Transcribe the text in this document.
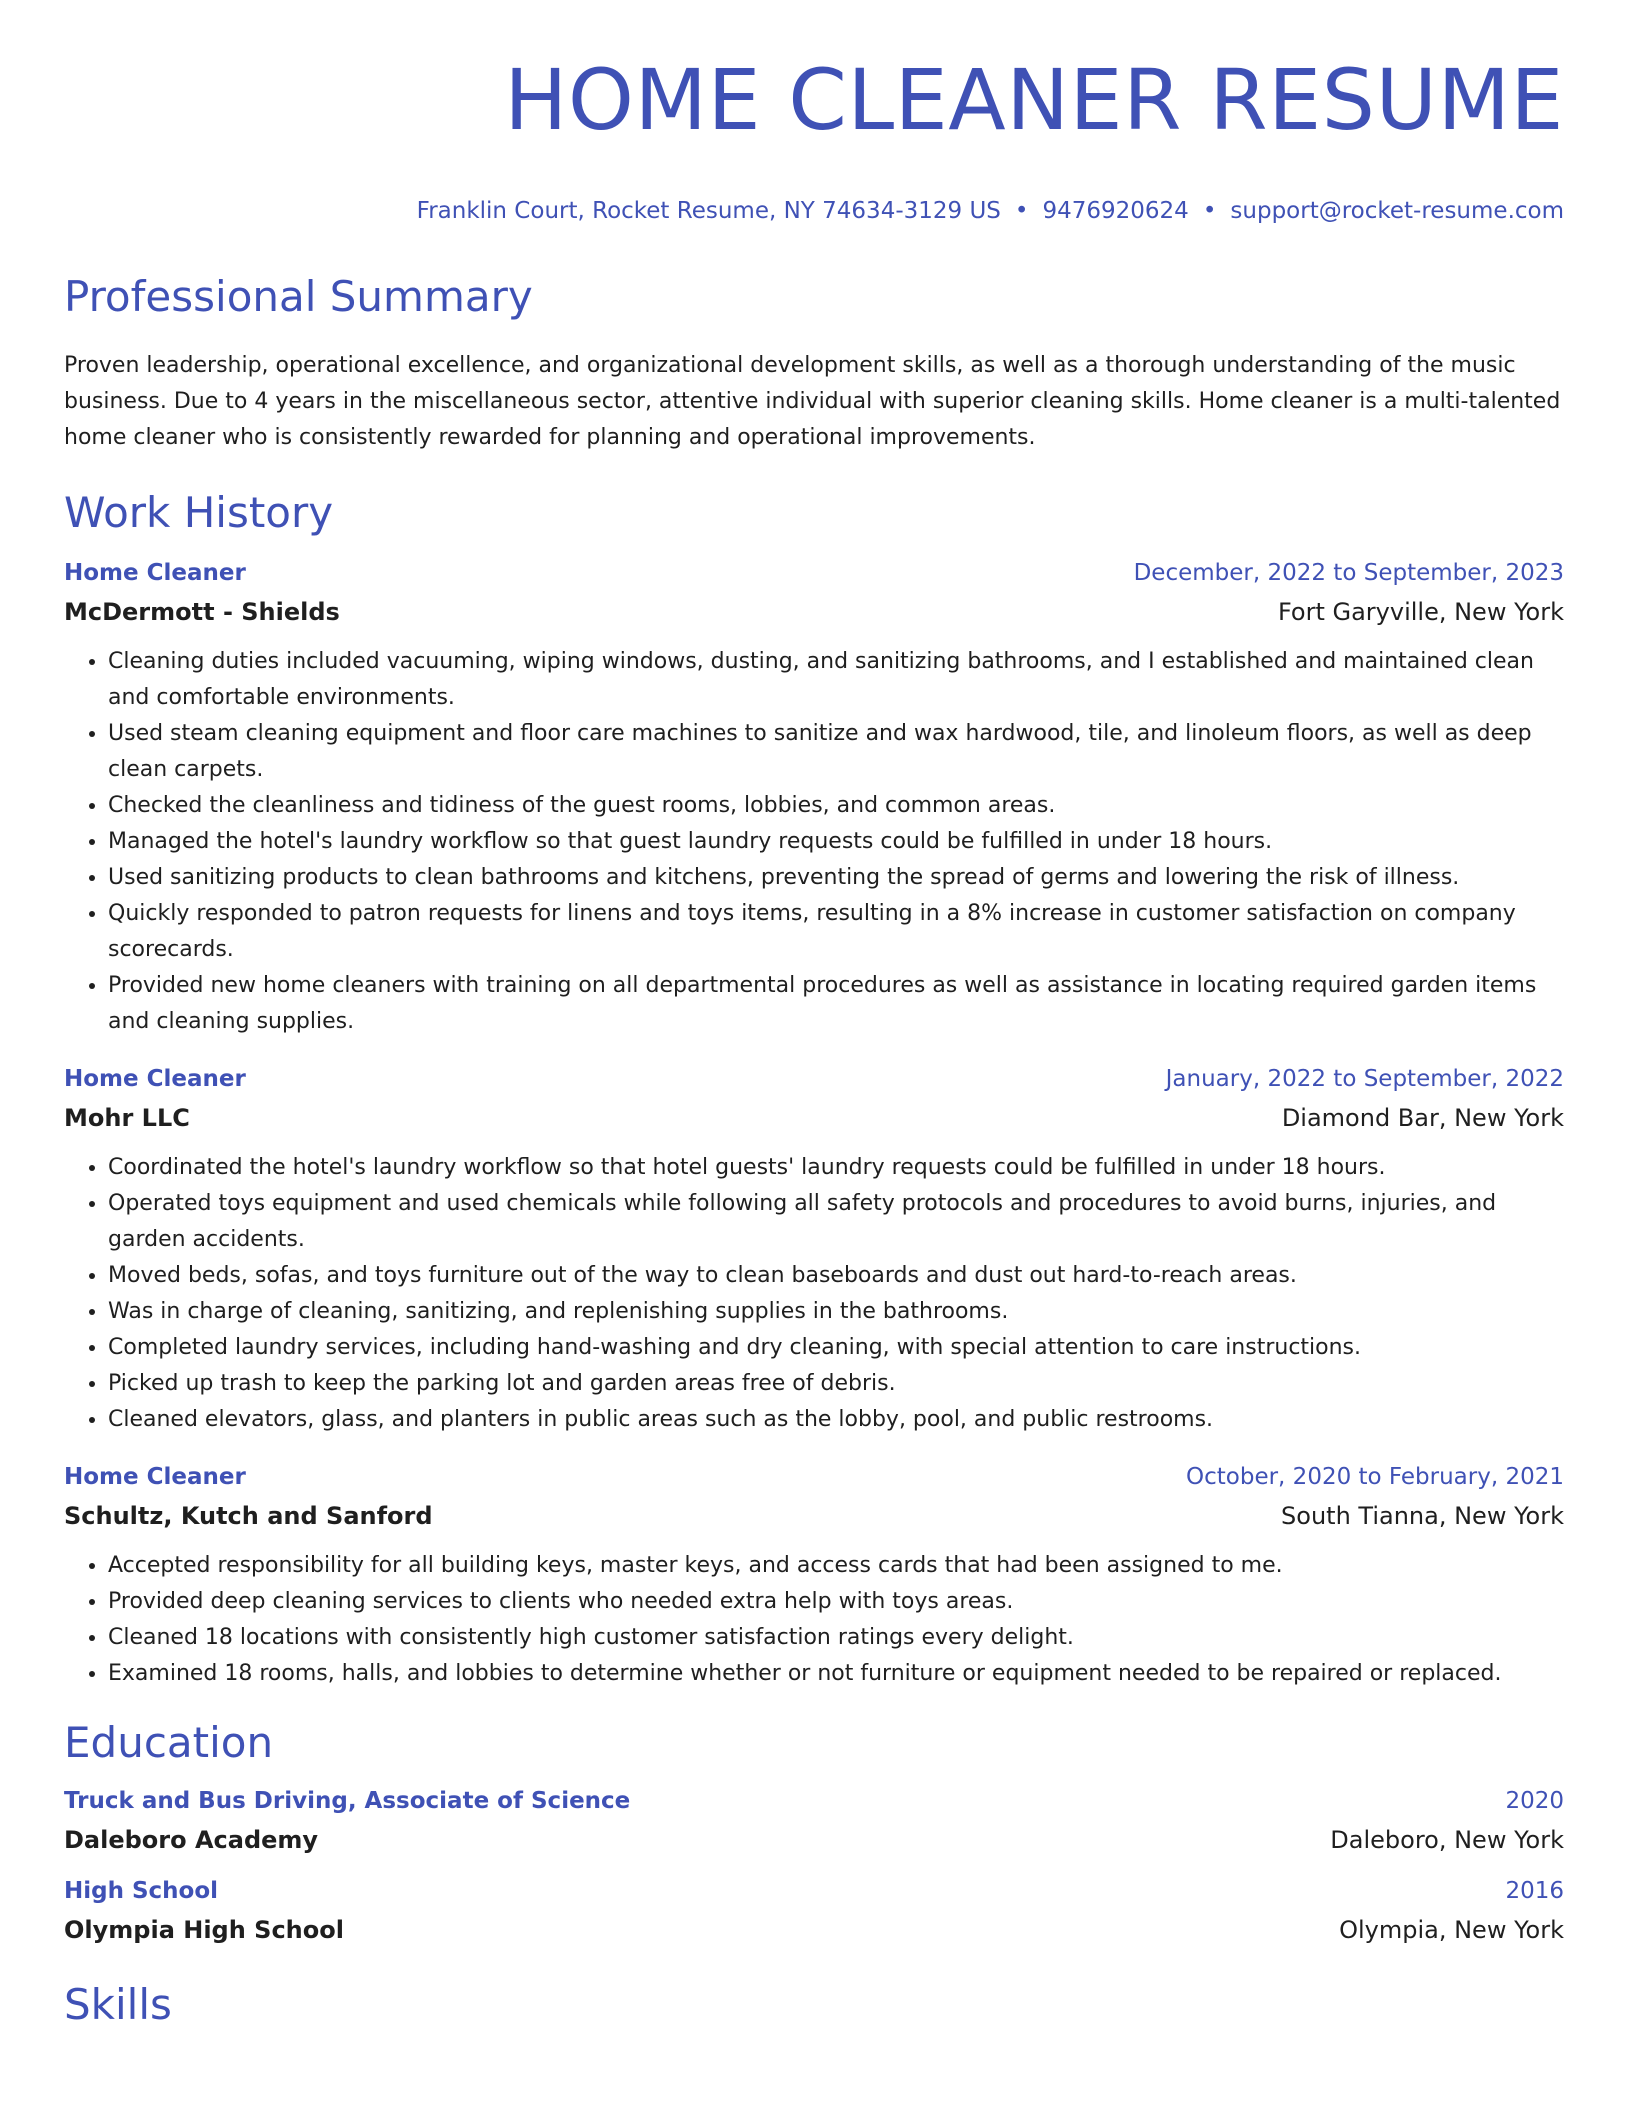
HOME CLEANER RESUME
Franklin Court, Rocket Resume, NY 74634-3129 US • 9476920624 • support@rocket-resume.com
Professional Summary

Proven leadership, operational excellence, and organizational development skills, as well as a thorough understanding of the music business. Due to 4 years in the miscellaneous sector, attentive individual with superior cleaning skills. Home cleaner is a multi-talented home cleaner who is consistently rewarded for planning and operational improvements.

Work History
Home Cleaner	December, 2022 to September, 2023
McDermott - Shields	Fort Garyville, New York
• Cleaning duties included vacuuming, wiping windows, dusting, and sanitizing bathrooms, and I established and maintained clean and comfortable environments.
• Used steam cleaning equipment and floor care machines to sanitize and wax hardwood, tile, and linoleum floors, as well as deep clean carpets.
• Checked the cleanliness and tidiness of the guest rooms, lobbies, and common areas.
• Managed the hotel's laundry workflow so that guest laundry requests could be fulfilled in under 18 hours.
• Used sanitizing products to clean bathrooms and kitchens, preventing the spread of germs and lowering the risk of illness.
• Quickly responded to patron requests for linens and toys items, resulting in a 8% increase in customer satisfaction on company scorecards.
• Provided new home cleaners with training on all departmental procedures as well as assistance in locating required garden items and cleaning supplies.
Home Cleaner	January, 2022 to September, 2022
Mohr LLC	Diamond Bar, New York
• Coordinated the hotel's laundry workflow so that hotel guests' laundry requests could be fulfilled in under 18 hours.
• Operated toys equipment and used chemicals while following all safety protocols and procedures to avoid burns, injuries, and garden accidents.
• Moved beds, sofas, and toys furniture out of the way to clean baseboards and dust out hard-to-reach areas.
• Was in charge of cleaning, sanitizing, and replenishing supplies in the bathrooms.
• Completed laundry services, including hand-washing and dry cleaning, with special attention to care instructions.
• Picked up trash to keep the parking lot and garden areas free of debris.
• Cleaned elevators, glass, and planters in public areas such as the lobby, pool, and public restrooms.
Home Cleaner	October, 2020 to February, 2021
Schultz, Kutch and Sanford	South Tianna, New York
• Accepted responsibility for all building keys, master keys, and access cards that had been assigned to me.
• Provided deep cleaning services to clients who needed extra help with toys areas.
• Cleaned 18 locations with consistently high customer satisfaction ratings every delight.
• Examined 18 rooms, halls, and lobbies to determine whether or not furniture or equipment needed to be repaired or replaced.
Education
Truck and Bus Driving, Associate of Science	2020
Daleboro Academy	Daleboro, New York
High School	2016
Olympia High School	Olympia, New York
Skills
